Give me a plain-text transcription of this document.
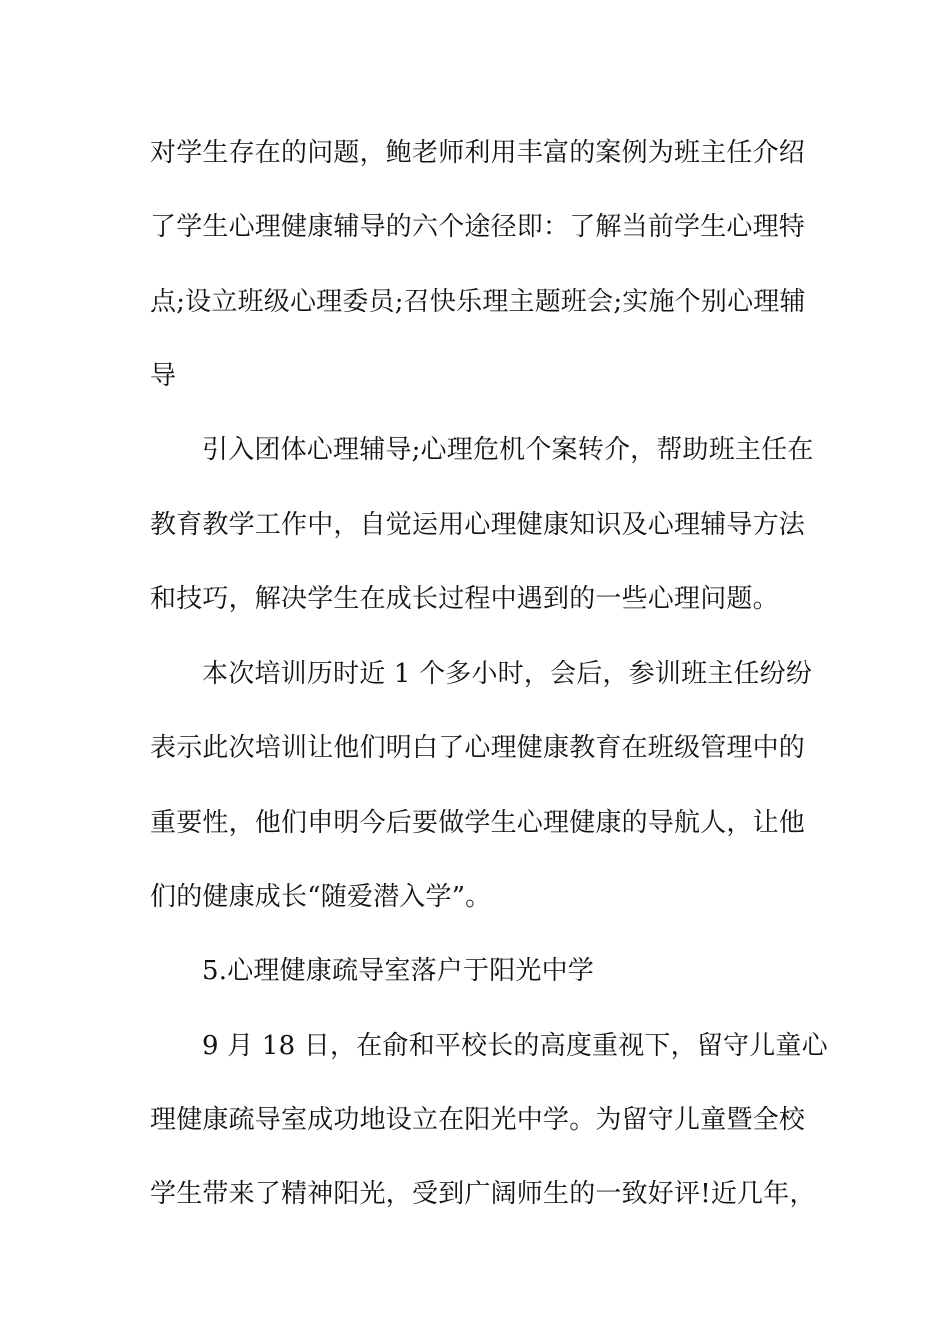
对学生存在的问题，鲍老师利用丰富的案例为班主任介绍
了学生心理健康辅导的六个途径即：了解当前学生心理特
点;设立班级心理委员;召快乐理主题班会;实施个别心理辅
导
引入团体心理辅导;心理危机个案转介，帮助班主任在
教育教学工作中，自觉运用心理健康知识及心理辅导方法
和技巧，解决学生在成长过程中遇到的一些心理问题。
本次培训历时近 1 个多小时，会后，参训班主任纷纷
表示此次培训让他们明白了心理健康教育在班级管理中的
重要性，他们申明今后要做学生心理健康的导航人，让他
们的健康成长“随爱潜入学”。
5.心理健康疏导室落户于阳光中学
9 月 18 日，在俞和平校长的高度重视下，留守儿童心
理健康疏导室成功地设立在阳光中学。为留守儿童暨全校
学生带来了精神阳光，受到广阔师生的一致好评!近几年，
